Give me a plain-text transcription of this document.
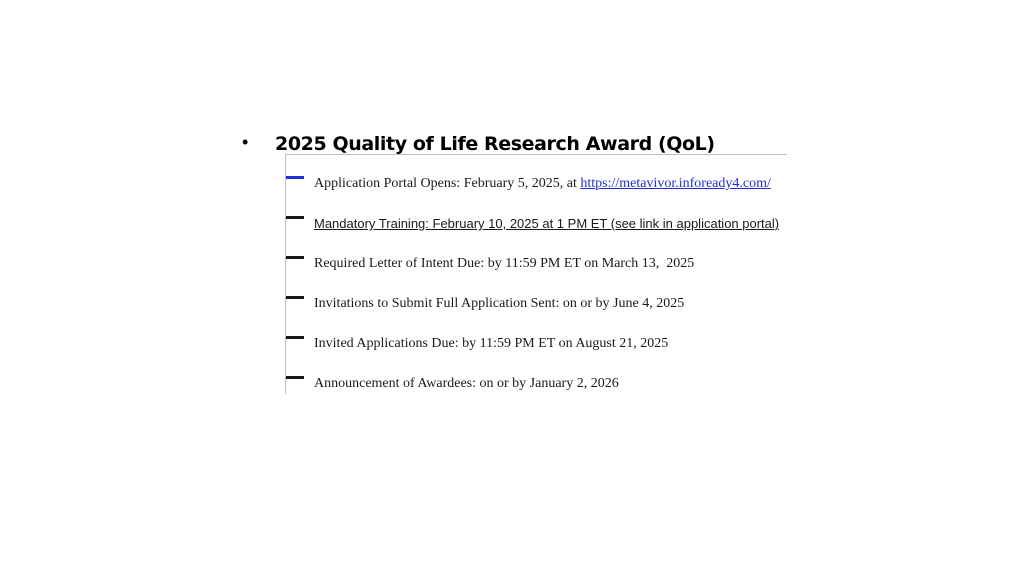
• 2025 Quality of Life Research Award (QoL)
Application Portal Opens: February 5, 2025, at https://metavivor.infoready4.com/
Mandatory Training: February 10, 2025 at 1 PM ET (see link in application portal)
Required Letter of Intent Due: by 11:59 PM ET on March 13,  2025
Invitations to Submit Full Application Sent: on or by June 4, 2025
Invited Applications Due: by 11:59 PM ET on August 21, 2025
Announcement of Awardees: on or by January 2, 2026
